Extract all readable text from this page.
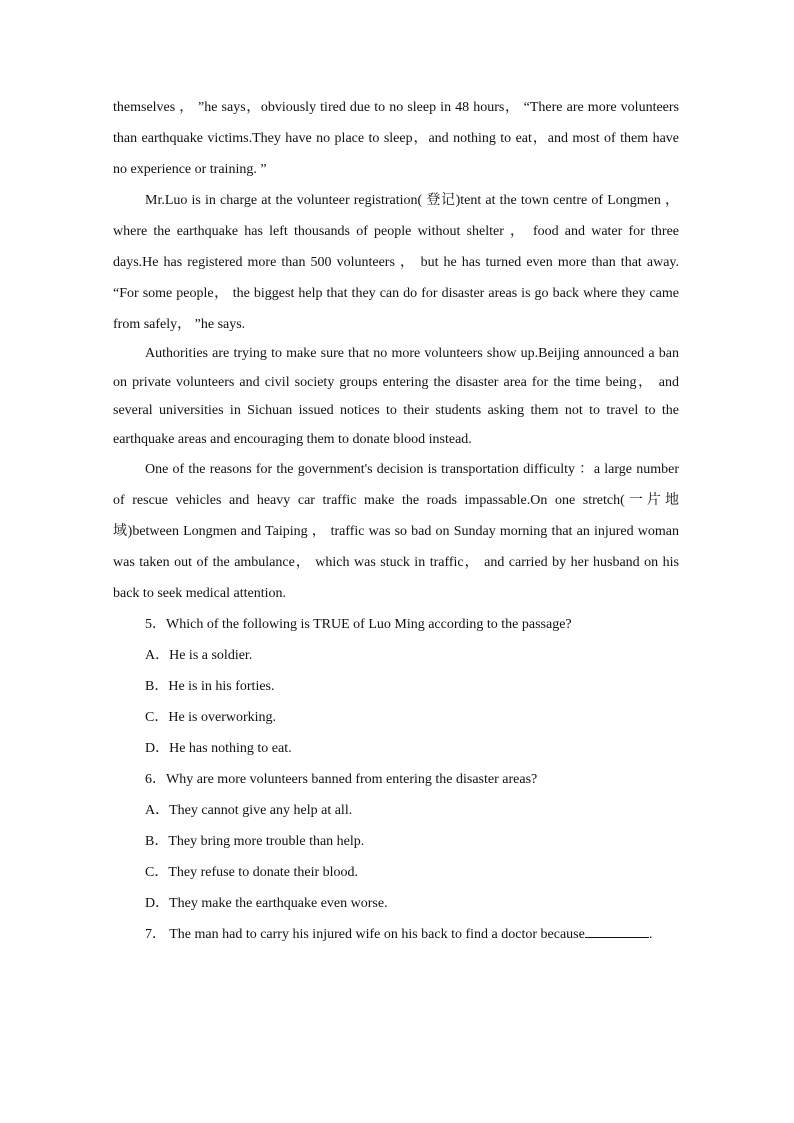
themselves ， ”he says，obviously tired due to no sleep in 48 hours， “There are more volunteers than earthquake victims.They have no place to sleep，and nothing to eat，and most of them have no experience or training. ”

Mr.Luo is in charge at the volunteer registration( 登记)tent at the town centre of Longmen ， where the earthquake has left thousands of people without shelter ， food and water for three days.He has registered more than 500 volunteers ， but he has turned even more than that away. “For some people， the biggest help that they can do for disaster areas is go back where they came from safely， ”he says.

Authorities are trying to make sure that no more volunteers show up.Beijing announced a ban on private volunteers and civil society groups entering the disaster area for the time being， and several universities in Sichuan issued notices to their students asking them not to travel to the earthquake areas and encouraging them to donate blood instead.

One of the reasons for the government's decision is transportation difficulty ：a large number of rescue vehicles and heavy car traffic make the roads impassable.On one stretch(一片地域)between Longmen and Taiping ， traffic was so bad on Sunday morning that an injured woman was taken out of the ambulance， which was stuck in traffic， and carried by her husband on his back to seek medical attention.

5．Which of the following is TRUE of Luo Ming according to the passage?

A．He is a soldier.

B．He is in his forties.

C．He is overworking.

D．He has nothing to eat.

6．Why are more volunteers banned from entering the disaster areas?

A．They cannot give any help at all.

B．They bring more trouble than help.

C．They refuse to donate their blood.

D．They make the earthquake even worse.

7． The man had to carry his injured wife on his back to find a doctor because	.
